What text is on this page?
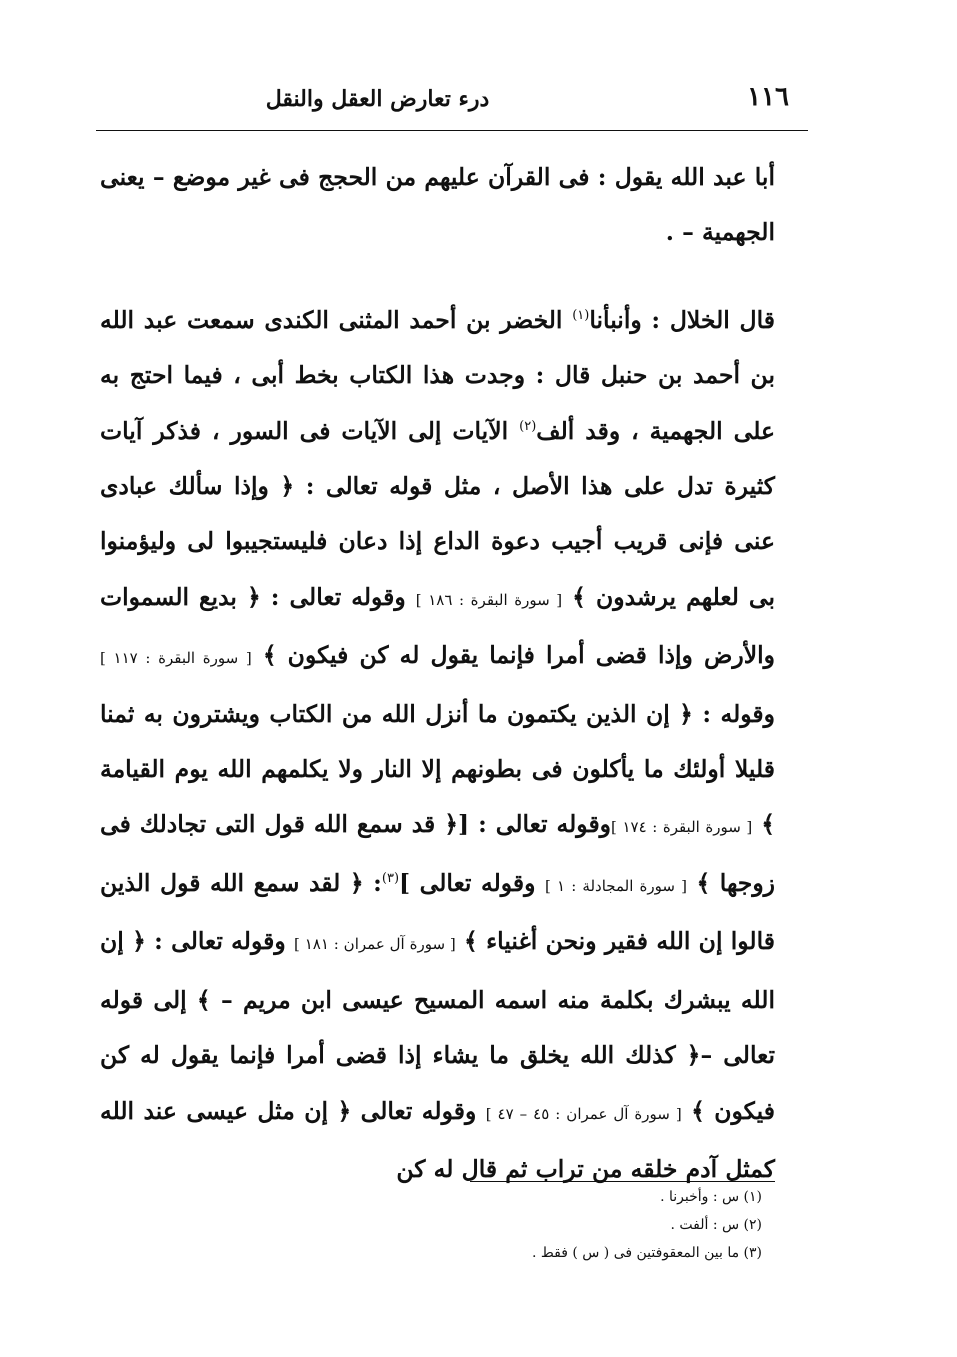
١١٦
درء تعارض العقل والنقل

أبا عبد الله يقول : فى القرآن عليهم من الحجج فى غير موضع – يعنى الجهمية – .

قال الخلال : وأنبأنا$^{(١)}$ الخضر بن أحمد المثنى الكندى سمعت عبد الله بن أحمد بن حنبل قال : وجدت هذا الكتاب بخط أبى ، فيما احتج به على الجهمية ، وقد ألف$^{(٢)}$ الآيات إلى الآيات فى السور ، فذكر آيات كثيرة تدل على هذا الأصل ، مثل قوله تعالى : ﴿ وإذا سألك عبادى عنى فإنى قريب أجيب دعوة الداع إذا دعان فليستجيبوا لى وليؤمنوا بى لعلهم يرشدون ﴾ [ سورة البقرة : ١٨٦ ] وقوله تعالى : ﴿ بديع السموات والأرض وإذا قضى أمرا فإنما يقول له كن فيكون ﴾ [ سورة البقرة : ١١٧ ] وقوله : ﴿ إن الذين يكتمون ما أنزل الله من الكتاب ويشترون به ثمنا قليلا أولئك ما يأكلون فى بطونهم إلا النار ولا يكلمهم الله يوم القيامة ﴾ [ سورة البقرة : ١٧٤ ]وقوله تعالى : [﴿ قد سمع الله قول التى تجادلك فى زوجها ﴾ [ سورة المجادلة : ١ ] وقوله تعالى ]$^{(٣)}$: ﴿ لقد سمع الله قول الذين قالوا إن الله فقير ونحن أغنياء ﴾ [ سورة آل عمران : ١٨١ ] وقوله تعالى : ﴿ إن الله يبشرك بكلمة منه اسمه المسيح عيسى ابن مريم – ﴾ إلى قوله تعالى –﴿ كذلك الله يخلق ما يشاء إذا قضى أمرا فإنما يقول له كن فيكون ﴾ [ سورة آل عمران : ٤٥ – ٤٧ ] وقوله تعالى ﴿ إن مثل عيسى عند الله كمثل آدم خلقه من تراب ثم قال له كن

(١) س : وأخبرنا .

(٢) س : ألفت .

(٣) ما بين المعقوفتين فى ( س ) فقط .
